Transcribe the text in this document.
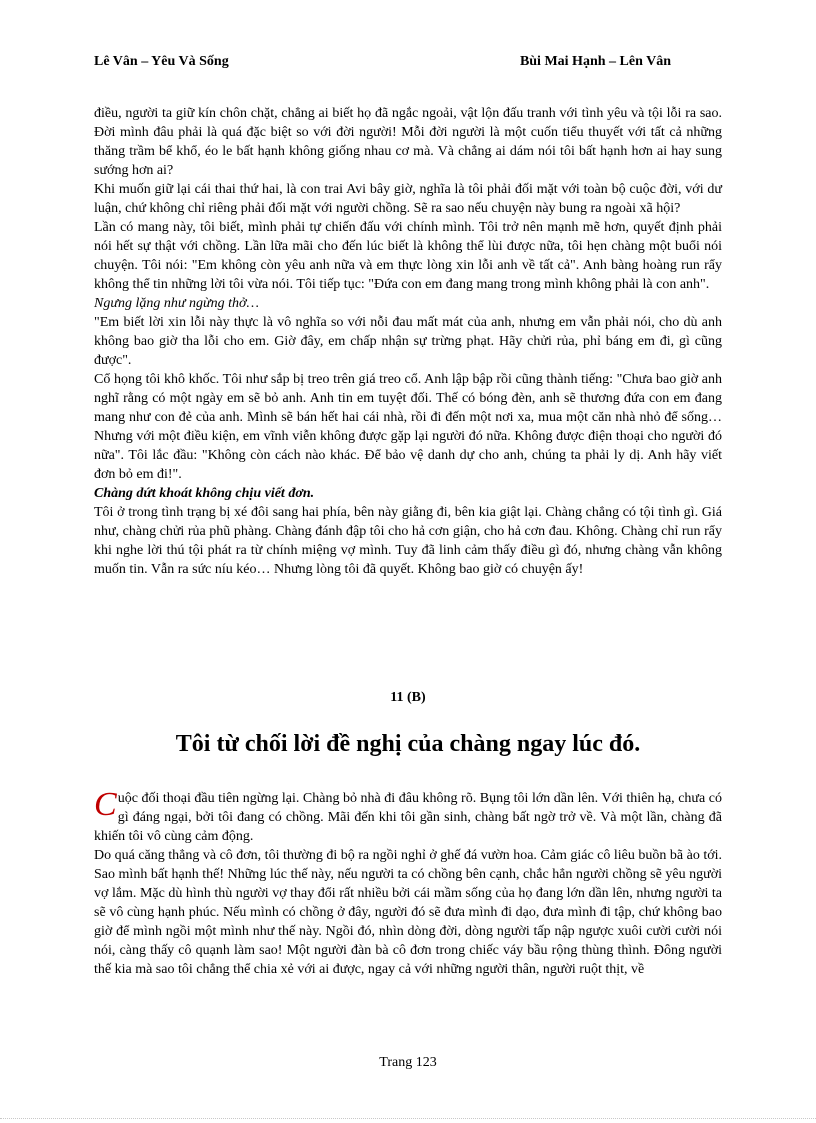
Lê Vân – Yêu Và Sống	Bùi Mai Hạnh – Lên Vân

điều, người ta giữ kín chôn chặt, chẳng ai biết họ đã ngắc ngoải, vật lộn đấu tranh với tình yêu và tội lỗi ra sao. Đời mình đâu phải là quá đặc biệt so với đời người! Mỗi đời người là một cuốn tiểu thuyết với tất cả những thăng trầm bể khổ, éo le bất hạnh không giống nhau cơ mà. Và chẳng ai dám nói tôi bất hạnh hơn ai hay sung sướng hơn ai?

Khi muốn giữ lại cái thai thứ hai, là con trai Avi bây giờ, nghĩa là tôi phải đối mặt với toàn bộ cuộc đời, với dư luận, chứ không chỉ riêng phải đối mặt với người chồng. Sẽ ra sao nếu chuyện này bung ra ngoài xã hội?

Lần có mang này, tôi biết, mình phải tự chiến đấu với chính mình. Tôi trở nên mạnh mẽ hơn, quyết định phải nói hết sự thật với chồng. Lần lữa mãi cho đến lúc biết là không thể lùi được nữa, tôi hẹn chàng một buổi nói chuyện. Tôi nói: "Em không còn yêu anh nữa và em thực lòng xin lỗi anh về tất cả". Anh bàng hoàng run rẩy không thể tin những lời tôi vừa nói. Tôi tiếp tục: "Đứa con em đang mang trong mình không phải là con anh".

Ngưng lặng như ngừng thở…

"Em biết lời xin lỗi này thực là vô nghĩa so với nỗi đau mất mát của anh, nhưng em vẫn phải nói, cho dù anh không bao giờ tha lỗi cho em. Giờ đây, em chấp nhận sự trừng phạt. Hãy chửi rủa, phỉ báng em đi, gì cũng được".

Cổ họng tôi khô khốc. Tôi như sắp bị treo trên giá treo cổ. Anh lập bập rồi cũng thành tiếng: "Chưa bao giờ anh nghĩ rằng có một ngày em sẽ bỏ anh. Anh tin em tuyệt đối. Thế có bóng đèn, anh sẽ thương đứa con em đang mang như con đẻ của anh. Mình sẽ bán hết hai cái nhà, rồi đi đến một nơi xa, mua một căn nhà nhỏ để sống… Nhưng với một điều kiện, em vĩnh viễn không được gặp lại người đó nữa. Không được điện thoại cho người đó nữa". Tôi lắc đầu: "Không còn cách nào khác. Để bảo vệ danh dự cho anh, chúng ta phải ly dị. Anh hãy viết đơn bỏ em đi!".

Chàng dứt khoát không chịu viết đơn.

Tôi ở trong tình trạng bị xé đôi sang hai phía, bên này giằng đi, bên kia giật lại. Chàng chẳng có tội tình gì. Giá như, chàng chửi rủa phũ phàng. Chàng đánh đập tôi cho hả cơn giận, cho hả cơn đau. Không. Chàng chỉ run rẩy khi nghe lời thú tội phát ra từ chính miệng vợ mình. Tuy đã linh cảm thấy điều gì đó, nhưng chàng vẫn không muốn tin. Vẫn ra sức níu kéo… Nhưng lòng tôi đã quyết. Không bao giờ có chuyện ấy!

11 (B)
Tôi từ chối lời đề nghị của chàng ngay lúc đó.

Cuộc đối thoại đầu tiên ngừng lại. Chàng bỏ nhà đi đâu không rõ. Bụng tôi lớn dần lên. Với thiên hạ, chưa có gì đáng ngại, bởi tôi đang có chồng. Mãi đến khi tôi gần sinh, chàng bất ngờ trở về. Và một lần, chàng đã khiến tôi vô cùng cảm động.

Do quá căng thẳng và cô đơn, tôi thường đi bộ ra ngồi nghỉ ở ghế đá vườn hoa. Cảm giác cô liêu buồn bã ào tới. Sao mình bất hạnh thế! Những lúc thế này, nếu người ta có chồng bên cạnh, chắc hẳn người chồng sẽ yêu người vợ lắm. Mặc dù hình thù người vợ thay đổi rất nhiều bởi cái mầm sống của họ đang lớn dần lên, nhưng người ta sẽ vô cùng hạnh phúc. Nếu mình có chồng ở đây, người đó sẽ đưa mình đi dạo, đưa mình đi tập, chứ không bao giờ để mình ngồi một mình như thế này. Ngồi đó, nhìn dòng đời, dòng người tấp nập ngược xuôi cười cười nói nói, càng thấy cô quạnh làm sao! Một người đàn bà cô đơn trong chiếc váy bầu rộng thùng thình. Đông người thế kia mà sao tôi chẳng thể chia xẻ với ai được, ngay cả với những người thân, người ruột thịt, về

Trang 123
